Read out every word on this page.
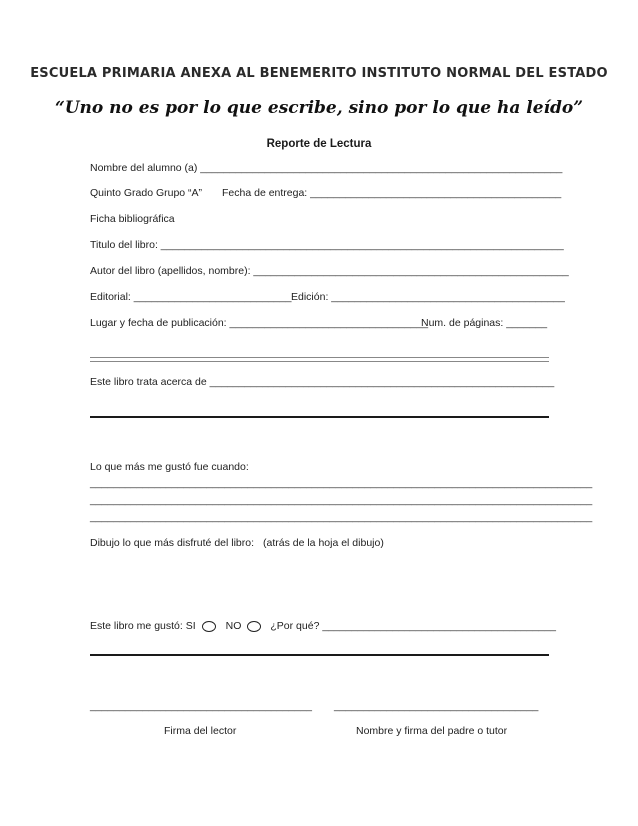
ESCUELA PRIMARIA ANEXA AL BENEMERITO INSTITUTO NORMAL DEL ESTADO
“Uno no es por lo que escribe, sino por lo que ha leído”
Reporte de Lectura
Nombre del alumno (a) ______________________________________________________________
Quinto Grado Grupo “A” Fecha de entrega: ___________________________________________
Ficha bibliográfica
Titulo del libro: _____________________________________________________________________
Autor del libro (apellidos, nombre): ______________________________________________________
Editorial: ___________________________ Edición: ________________________________________
Lugar y fecha de publicación: __________________________________
Num. de páginas: _______
Este libro trata acerca de ___________________________________________________________
Lo que más me gustó fue cuando:
______________________________________________________________________________________
______________________________________________________________________________________
______________________________________________________________________________________
Dibujo lo que más disfruté del libro: (atrás de la hoja el dibujo)
Este libro me gustó: SI	NO	¿Por qué? ________________________________________
______________________________________ ___________________________________
Firma del lector	Nombre y firma del padre o tutor
